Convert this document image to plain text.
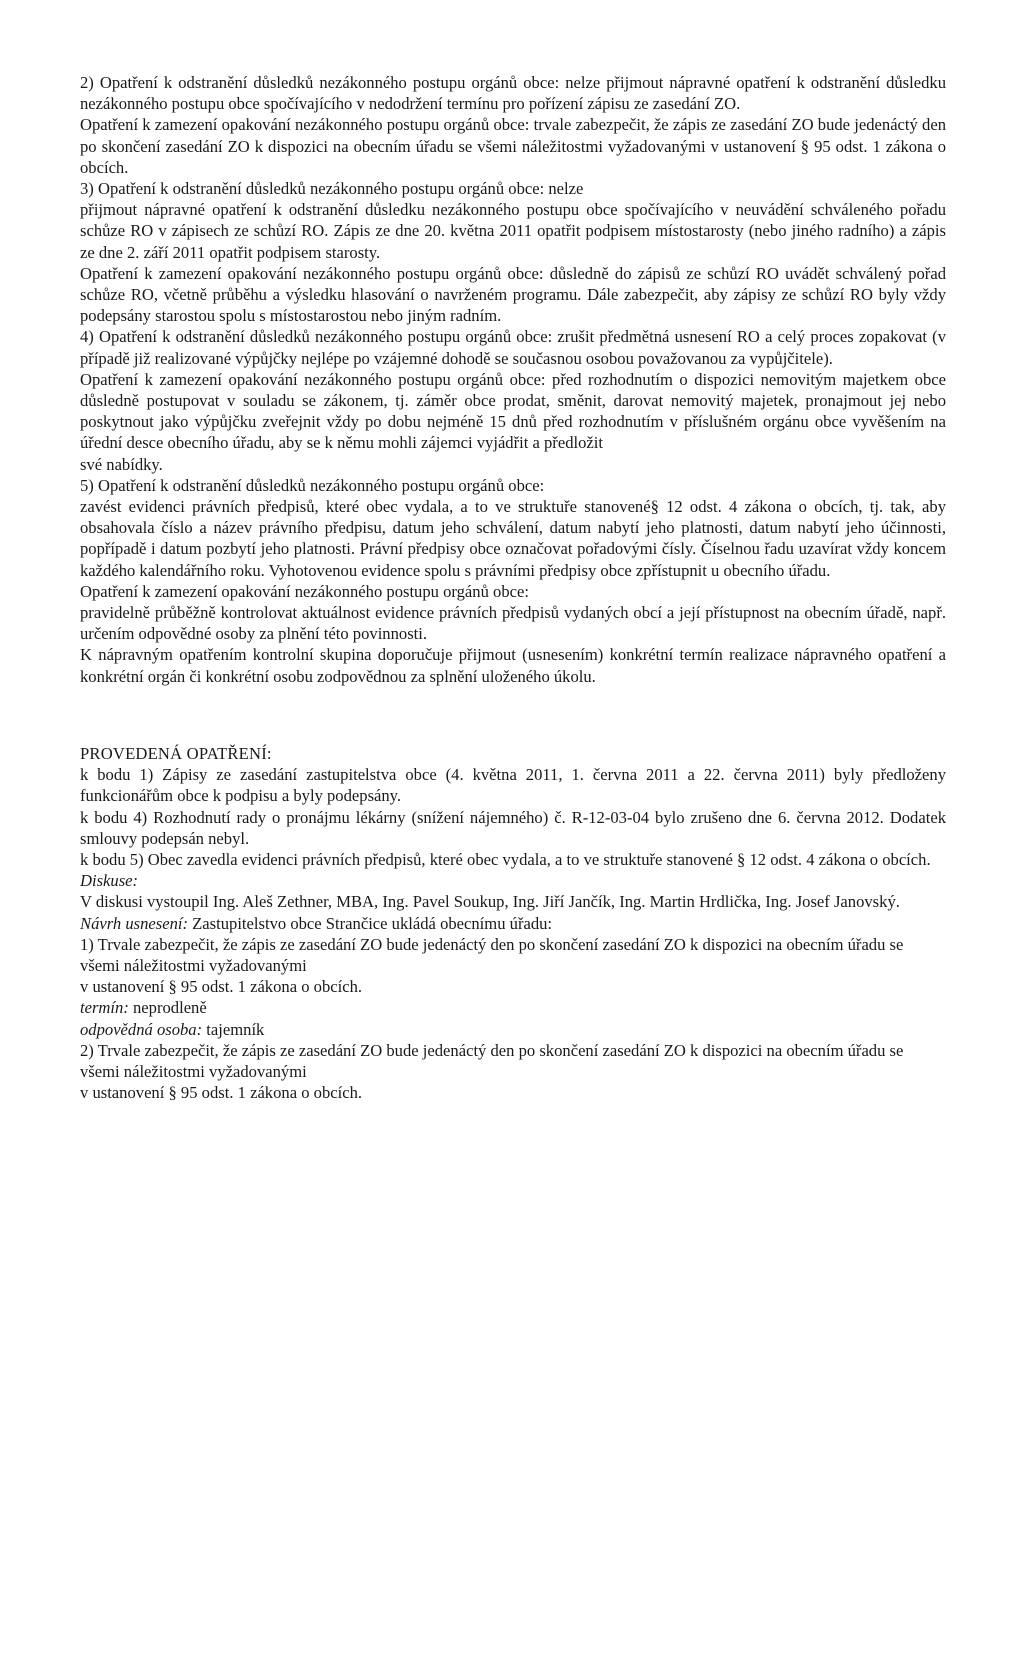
2) Opatření k odstranění důsledků nezákonného postupu orgánů obce: nelze přijmout nápravné opatření k odstranění důsledku nezákonného postupu obce spočívajícího v nedodržení termínu pro pořízení zápisu ze zasedání ZO.

Opatření k zamezení opakování nezákonného postupu orgánů obce: trvale zabezpečit, že zápis ze zasedání ZO bude jedenáctý den po skončení zasedání ZO k dispozici na obecním úřadu se všemi náležitostmi vyžadovanými v ustanovení § 95 odst. 1 zákona o obcích.

3) Opatření k odstranění důsledků nezákonného postupu orgánů obce: nelze

přijmout nápravné opatření k odstranění důsledku nezákonného postupu obce spočívajícího v neuvádění schváleného pořadu schůze RO v zápisech ze schůzí RO. Zápis ze dne 20. května 2011 opatřit podpisem místostarosty (nebo jiného radního) a zápis ze dne 2. září 2011 opatřit podpisem starosty.

Opatření k zamezení opakování nezákonného postupu orgánů obce: důsledně do zápisů ze schůzí RO uvádět schválený pořad schůze RO, včetně průběhu a výsledku hlasování o navrženém programu. Dále zabezpečit, aby zápisy ze schůzí RO byly vždy podepsány starostou spolu s místostarostou nebo jiným radním.

4) Opatření k odstranění důsledků nezákonného postupu orgánů obce: zrušit předmětná usnesení RO a celý proces zopakovat (v případě již realizované výpůjčky nejlépe po vzájemné dohodě se současnou osobou považovanou za vypůjčitele).

Opatření k zamezení opakování nezákonného postupu orgánů obce: před rozhodnutím o dispozici nemovitým majetkem obce důsledně postupovat v souladu se zákonem, tj. záměr obce prodat, směnit, darovat nemovitý majetek, pronajmout jej nebo poskytnout jako výpůjčku zveřejnit vždy po dobu nejméně 15 dnů před rozhodnutím v příslušném orgánu obce vyvěšením na úřední desce obecního úřadu, aby se k němu mohli zájemci vyjádřit a předložit

své nabídky.

5) Opatření k odstranění důsledků nezákonného postupu orgánů obce:

zavést evidenci právních předpisů, které obec vydala, a to ve struktuře stanovené§ 12 odst. 4 zákona o obcích, tj. tak, aby obsahovala číslo a název právního předpisu, datum jeho schválení, datum nabytí jeho platnosti, datum nabytí jeho účinnosti, popřípadě i datum pozbytí jeho platnosti. Právní předpisy obce označovat pořadovými čísly. Číselnou řadu uzavírat vždy koncem každého kalendářního roku. Vyhotovenou evidence spolu s právními předpisy obce zpřístupnit u obecního úřadu.

Opatření k zamezení opakování nezákonného postupu orgánů obce:

pravidelně průběžně kontrolovat aktuálnost evidence právních předpisů vydaných obcí a její přístupnost na obecním úřadě, např. určením odpovědné osoby za plnění této povinnosti.

K nápravným opatřením kontrolní skupina doporučuje přijmout (usnesením) konkrétní termín realizace nápravného opatření a konkrétní orgán či konkrétní osobu zodpovědnou za splnění uloženého úkolu.

PROVEDENÁ OPATŘENÍ:

k bodu 1) Zápisy ze zasedání zastupitelstva obce (4. května 2011, 1. června 2011 a 22. června 2011) byly předloženy funkcionářům obce k podpisu a byly podepsány.

k bodu 4) Rozhodnutí rady o pronájmu lékárny (snížení nájemného) č. R-12-03-04 bylo zrušeno dne 6. června 2012. Dodatek smlouvy podepsán nebyl.

k bodu 5) Obec zavedla evidenci právních předpisů, které obec vydala, a to ve struktuře stanovené § 12 odst. 4 zákona o obcích.

Diskuse:

V diskusi vystoupil Ing. Aleš Zethner, MBA, Ing. Pavel Soukup, Ing. Jiří Jančík, Ing. Martin Hrdlička, Ing. Josef Janovský.

Návrh usnesení: Zastupitelstvo obce Strančice ukládá obecnímu úřadu:

1) Trvale zabezpečit, že zápis ze zasedání ZO bude jedenáctý den po skončení zasedání ZO k dispozici na obecním úřadu se všemi náležitostmi vyžadovanými

v ustanovení § 95 odst. 1 zákona o obcích.

termín: neprodleně

odpovědná osoba: tajemník

2) Trvale zabezpečit, že zápis ze zasedání ZO bude jedenáctý den po skončení zasedání ZO k dispozici na obecním úřadu se všemi náležitostmi vyžadovanými

v ustanovení § 95 odst. 1 zákona o obcích.
